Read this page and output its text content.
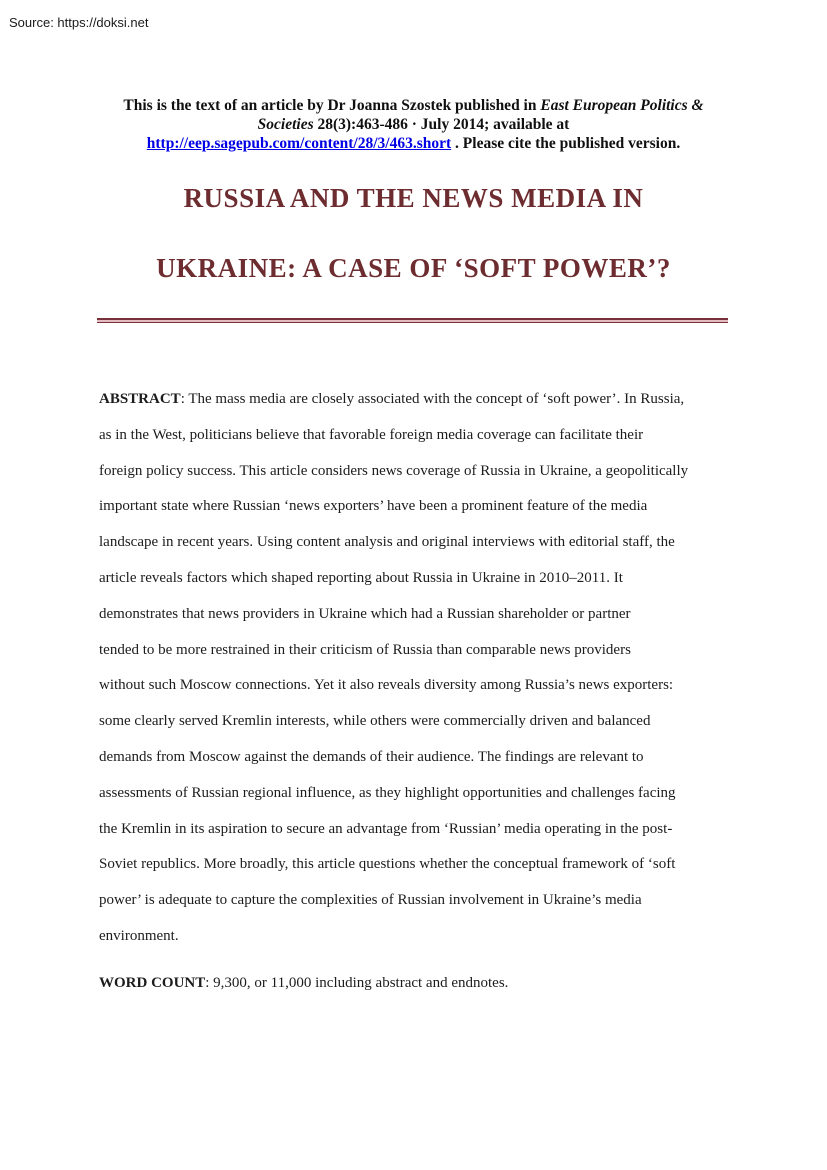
Source: https://doksi.net
This is the text of an article by Dr Joanna Szostek published in East European Politics &
Societies 28(3):463-486 · July 2014; available at
http://eep.sagepub.com/content/28/3/463.short . Please cite the published version.
RUSSIA AND THE NEWS MEDIA IN
UKRAINE: A CASE OF ‘SOFT POWER’?
ABSTRACT: The mass media are closely associated with the concept of ‘soft power’. In Russia,
as in the West, politicians believe that favorable foreign media coverage can facilitate their
foreign policy success. This article considers news coverage of Russia in Ukraine, a geopolitically
important state where Russian ‘news exporters’ have been a prominent feature of the media
landscape in recent years. Using content analysis and original interviews with editorial staff, the
article reveals factors which shaped reporting about Russia in Ukraine in 2010–2011. It
demonstrates that news providers in Ukraine which had a Russian shareholder or partner
tended to be more restrained in their criticism of Russia than comparable news providers
without such Moscow connections. Yet it also reveals diversity among Russia’s news exporters:
some clearly served Kremlin interests, while others were commercially driven and balanced
demands from Moscow against the demands of their audience. The findings are relevant to
assessments of Russian regional influence, as they highlight opportunities and challenges facing
the Kremlin in its aspiration to secure an advantage from ‘Russian’ media operating in the post-
Soviet republics. More broadly, this article questions whether the conceptual framework of ‘soft
power’ is adequate to capture the complexities of Russian involvement in Ukraine’s media
environment.
WORD COUNT: 9,300, or 11,000 including abstract and endnotes.
